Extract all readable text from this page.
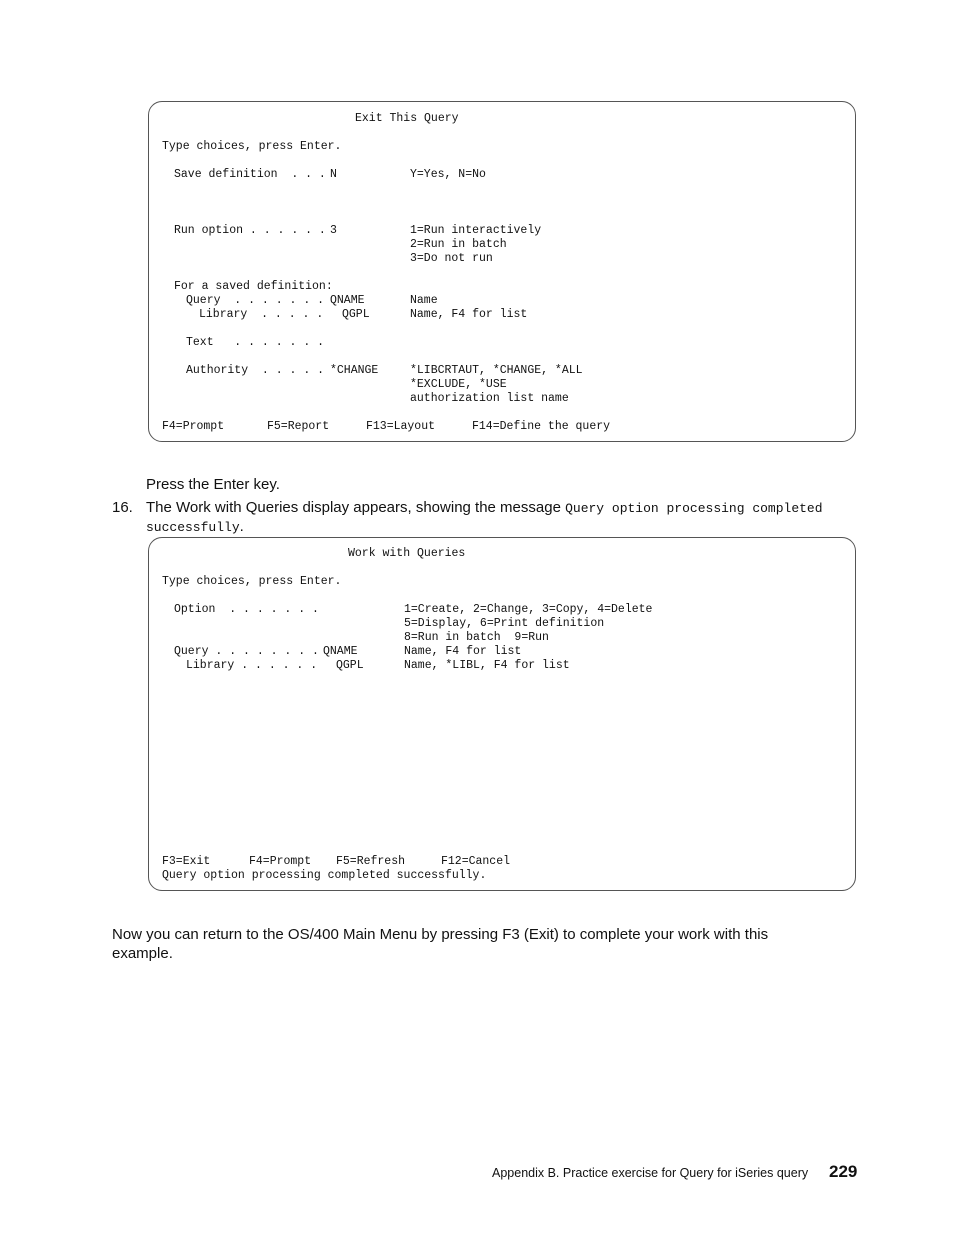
Exit This Query
Type choices, press Enter.
Save definition  . . . N	Y=Yes, N=No
Run option . . . . . . 3	1=Run interactively
2=Run in batch
3=Do not run
For a saved definition:
Query  . . . . . . . QNAME	Name
Library  . . . . . QGPL	Name, F4 for list
Text   . . . . . . .
Authority  . . . . . *CHANGE	*LIBCRTAUT, *CHANGE, *ALL
*EXCLUDE, *USE
authorization list name
F4=Prompt	F5=Report	F13=Layout	F14=Define the query
Press the Enter key.
16. The Work with Queries display appears, showing the message Query option processing completed
successfully.
Work with Queries
Type choices, press Enter.
Option  . . . . . . .	1=Create, 2=Change, 3=Copy, 4=Delete
5=Display, 6=Print definition
8=Run in batch  9=Run
Query . . . . . . . . QNAME	Name, F4 for list
Library . . . . . . QGPL	Name, *LIBL, F4 for list
F3=Exit	F4=Prompt F5=Refresh	F12=Cancel
Query option processing completed successfully.
Now you can return to the OS/400 Main Menu by pressing F3 (Exit) to complete your work with this example.
Appendix B. Practice exercise for Query for iSeries query 229
